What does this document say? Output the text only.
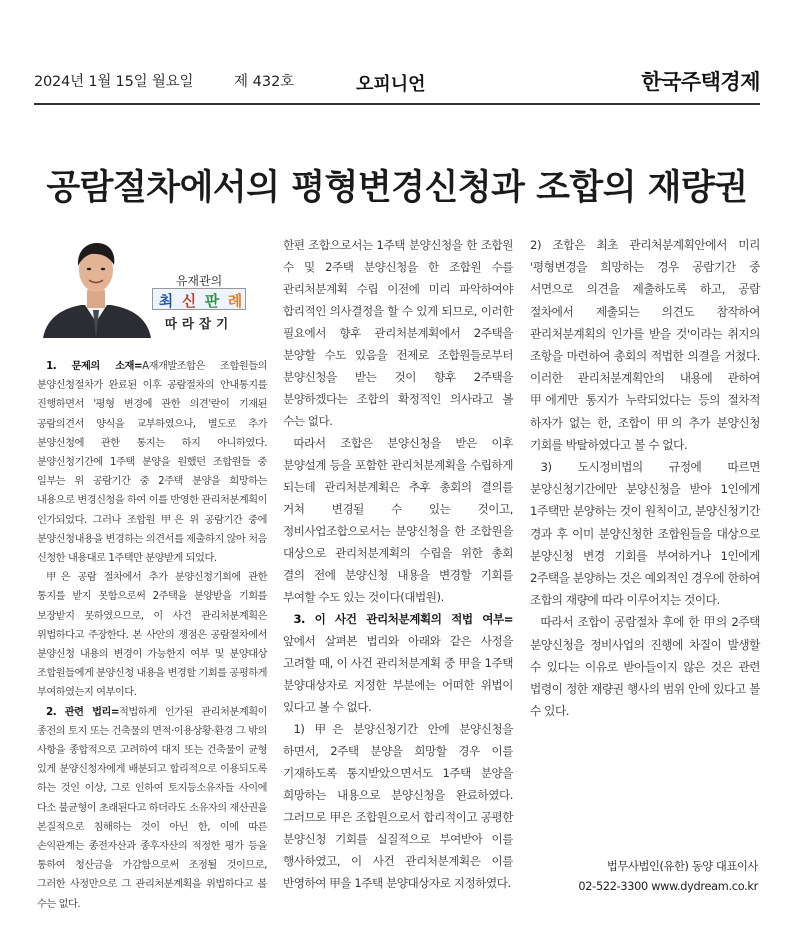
2024년 1월 15일 월요일	제 432호	오피니언	한국주택경제
공람절차에서의 평형변경신청과 조합의 재량권
유재관의
최 신 판 례
따라잡기

1. 문제의 소재=A재개발조합은 조합원들의 분양신청절차가 완료된 이후 공람절차의 안내통지를 진행하면서 '평형 변경에 관한 의견'란이 기재된 공람의견서 양식을 교부하였으나, 별도로 추가 분양신청에 관한 통지는 하지 아니하였다. 분양신청기간에 1주택 분양을 원했던 조합원들 중 일부는 위 공람기간 중 2주택 분양을 희망하는 내용으로 변경신청을 하여 이를 반영한 관리처분계획이 인가되었다. 그러나 조합원 甲은 위 공람기간 중에 분양신청내용을 변경하는 의견서를 제출하지 않아 처음 신청한 내용대로 1주택만 분양받게 되었다.

甲은 공람 절차에서 추가 분양신청기회에 관한 통지를 받지 못함으로써 2주택을 분양받을 기회를 보장받지 못하였으므로, 이 사건 관리처분계획은 위법하다고 주장한다. 본 사안의 쟁점은 공람절차에서 분양신청 내용의 변경이 가능한지 여부 및 분양대상 조합원들에게 분양신청 내용을 변경할 기회를 공평하게 부여하였는지 여부이다.

2. 관련 법리=적법하게 인가된 관리처분계획이 종전의 토지 또는 건축물의 면적·이용상황·환경 그 밖의 사항을 종합적으로 고려하여 대지 또는 건축물이 균형 있게 분양신청자에게 배분되고 합리적으로 이용되도록 하는 것인 이상, 그로 인하여 토지등소유자들 사이에 다소 불균형이 초래된다고 하더라도 소유자의 재산권을 본질적으로 침해하는 것이 아닌 한, 이에 따른 손익관계는 종전자산과 종후자산의 적정한 평가 등을 통하여 청산금을 가감함으로써 조정될 것이므로, 그러한 사정만으로 그 관리처분계획을 위법하다고 볼 수는 없다.

한편 조합으로서는 1주택 분양신청을 한 조합원 수 및 2주택 분양신청을 한 조합원 수를 관리처분계획 수립 이전에 미리 파악하여야 합리적인 의사결정을 할 수 있게 되므로, 이러한 필요에서 향후 관리처분계획에서 2주택을 분양할 수도 있음을 전제로 조합원들로부터 분양신청을 받는 것이 향후 2주택을 분양하겠다는 조합의 확정적인 의사라고 볼 수는 없다.

따라서 조합은 분양신청을 받은 이후 분양설계 등을 포함한 관리처분계획을 수립하게 되는데 관리처분계획은 추후 총회의 결의를 거쳐 변경될 수 있는 것이고, 정비사업조합으로서는 분양신청을 한 조합원을 대상으로 관리처분계획의 수립을 위한 총회 결의 전에 분양신청 내용을 변경할 기회를 부여할 수도 있는 것이다(대법원).

3. 이 사건 관리처분계획의 적법 여부=앞에서 살펴본 법리와 아래와 같은 사정을 고려할 때, 이 사건 관리처분계획 중 甲을 1주택 분양대상자로 지정한 부분에는 어떠한 위법이 있다고 볼 수 없다.

1) 甲은 분양신청기간 안에 분양신청을 하면서, 2주택 분양을 희망할 경우 이를 기재하도록 통지받았으면서도 1주택 분양을 희망하는 내용으로 분양신청을 완료하였다. 그러므로 甲은 조합원으로서 합리적이고 공평한 분양신청 기회를 실질적으로 부여받아 이를 행사하였고, 이 사건 관리처분계획은 이를 반영하여 甲을 1주택 분양대상자로 지정하였다.

2) 조합은 최초 관리처분계획안에서 미리 '평형변경을 희망하는 경우 공람기간 중 서면으로 의견을 제출하도록 하고, 공람 절차에서 제출되는 의견도 참작하여 관리처분계획의 인가를 받을 것'이라는 취지의 조항을 마련하여 총회의 적법한 의결을 거쳤다. 이러한 관리처분계획안의 내용에 관하여 甲에게만 통지가 누락되었다는 등의 절차적 하자가 없는 한, 조합이 甲의 추가 분양신청 기회를 박탈하였다고 볼 수 없다.

3) 도시정비법의 규정에 따르면 분양신청기간에만 분양신청을 받아 1인에게 1주택만 분양하는 것이 원칙이고, 분양신청기간 경과 후 이미 분양신청한 조합원들을 대상으로 분양신청 변경 기회를 부여하거나 1인에게 2주택을 분양하는 것은 예외적인 경우에 한하여 조합의 재량에 따라 이루어지는 것이다.

따라서 조합이 공람절차 후에 한 甲의 2주택 분양신청을 정비사업의 진행에 차질이 발생할 수 있다는 이유로 받아들이지 않은 것은 관련 법령이 정한 재량권 행사의 범위 안에 있다고 볼 수 있다.

법무사법인(유한) 동양 대표이사
02-522-3300 www.dydream.co.kr
